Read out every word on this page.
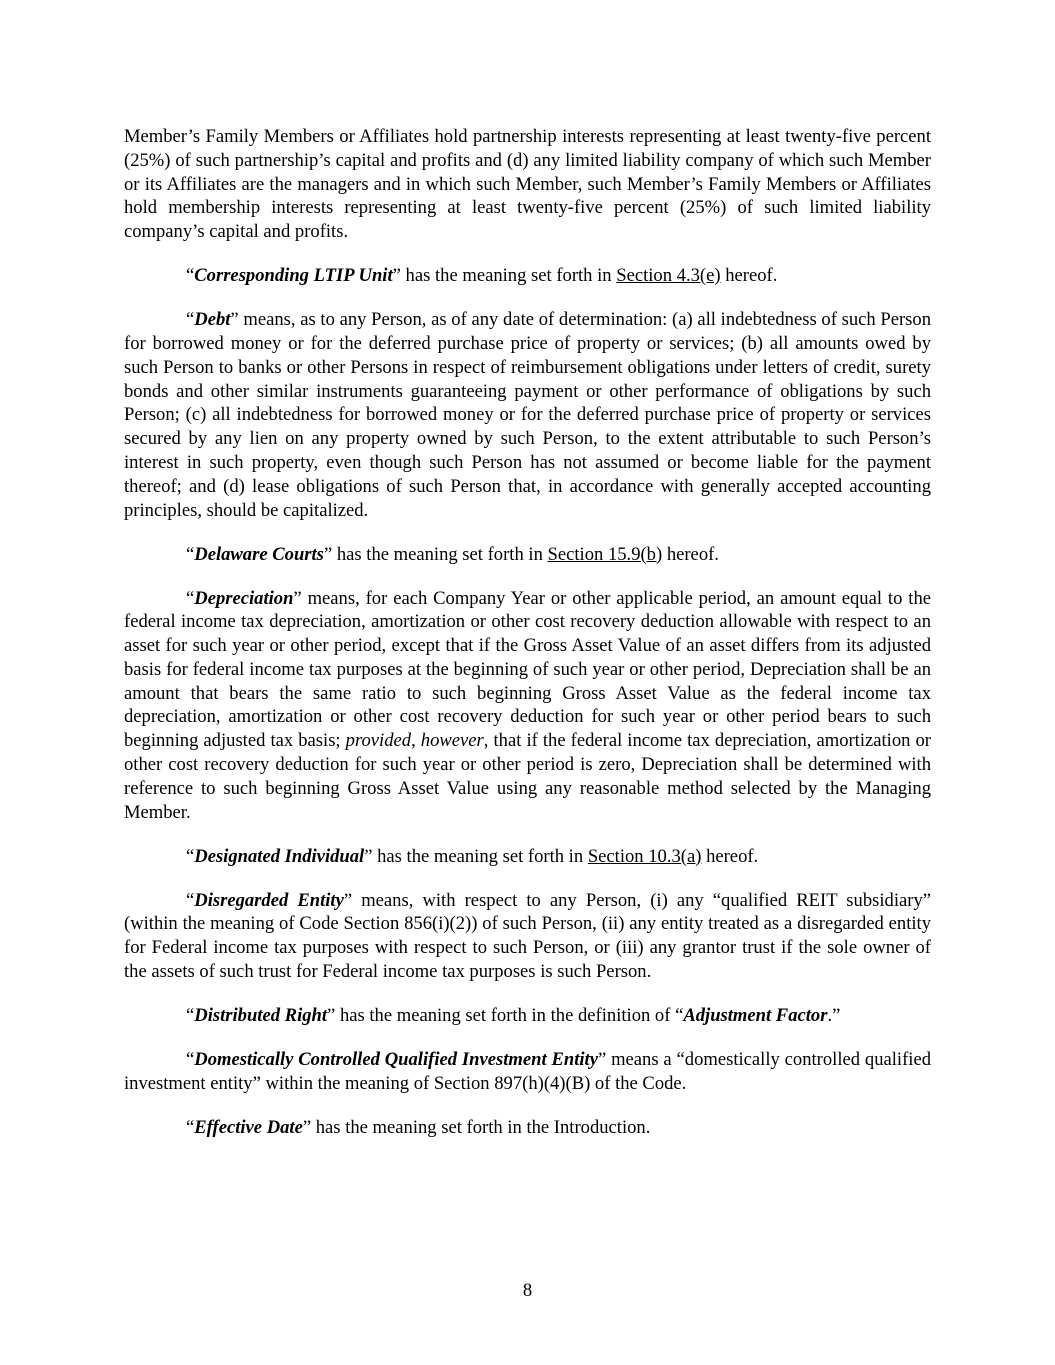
Member’s Family Members or Affiliates hold partnership interests representing at least twenty-five percent (25%) of such partnership’s capital and profits and (d) any limited liability company of which such Member or its Affiliates are the managers and in which such Member, such Member’s Family Members or Affiliates hold membership interests representing at least twenty-five percent (25%) of such limited liability company’s capital and profits.

“Corresponding LTIP Unit” has the meaning set forth in Section 4.3(e) hereof.

“Debt” means, as to any Person, as of any date of determination: (a) all indebtedness of such Person for borrowed money or for the deferred purchase price of property or services; (b) all amounts owed by such Person to banks or other Persons in respect of reimbursement obligations under letters of credit, surety bonds and other similar instruments guaranteeing payment or other performance of obligations by such Person; (c) all indebtedness for borrowed money or for the deferred purchase price of property or services secured by any lien on any property owned by such Person, to the extent attributable to such Person’s interest in such property, even though such Person has not assumed or become liable for the payment thereof; and (d) lease obligations of such Person that, in accordance with generally accepted accounting principles, should be capitalized.

“Delaware Courts” has the meaning set forth in Section 15.9(b) hereof.

“Depreciation” means, for each Company Year or other applicable period, an amount equal to the federal income tax depreciation, amortization or other cost recovery deduction allowable with respect to an asset for such year or other period, except that if the Gross Asset Value of an asset differs from its adjusted basis for federal income tax purposes at the beginning of such year or other period, Depreciation shall be an amount that bears the same ratio to such beginning Gross Asset Value as the federal income tax depreciation, amortization or other cost recovery deduction for such year or other period bears to such beginning adjusted tax basis; provided, however, that if the federal income tax depreciation, amortization or other cost recovery deduction for such year or other period is zero, Depreciation shall be determined with reference to such beginning Gross Asset Value using any reasonable method selected by the Managing Member.

“Designated Individual” has the meaning set forth in Section 10.3(a) hereof.

“Disregarded Entity” means, with respect to any Person, (i) any “qualified REIT subsidiary” (within the meaning of Code Section 856(i)(2)) of such Person, (ii) any entity treated as a disregarded entity for Federal income tax purposes with respect to such Person, or (iii) any grantor trust if the sole owner of the assets of such trust for Federal income tax purposes is such Person.

“Distributed Right” has the meaning set forth in the definition of “Adjustment Factor.”

“Domestically Controlled Qualified Investment Entity” means a “domestically controlled qualified investment entity” within the meaning of Section 897(h)(4)(B) of the Code.

“Effective Date” has the meaning set forth in the Introduction.

8
